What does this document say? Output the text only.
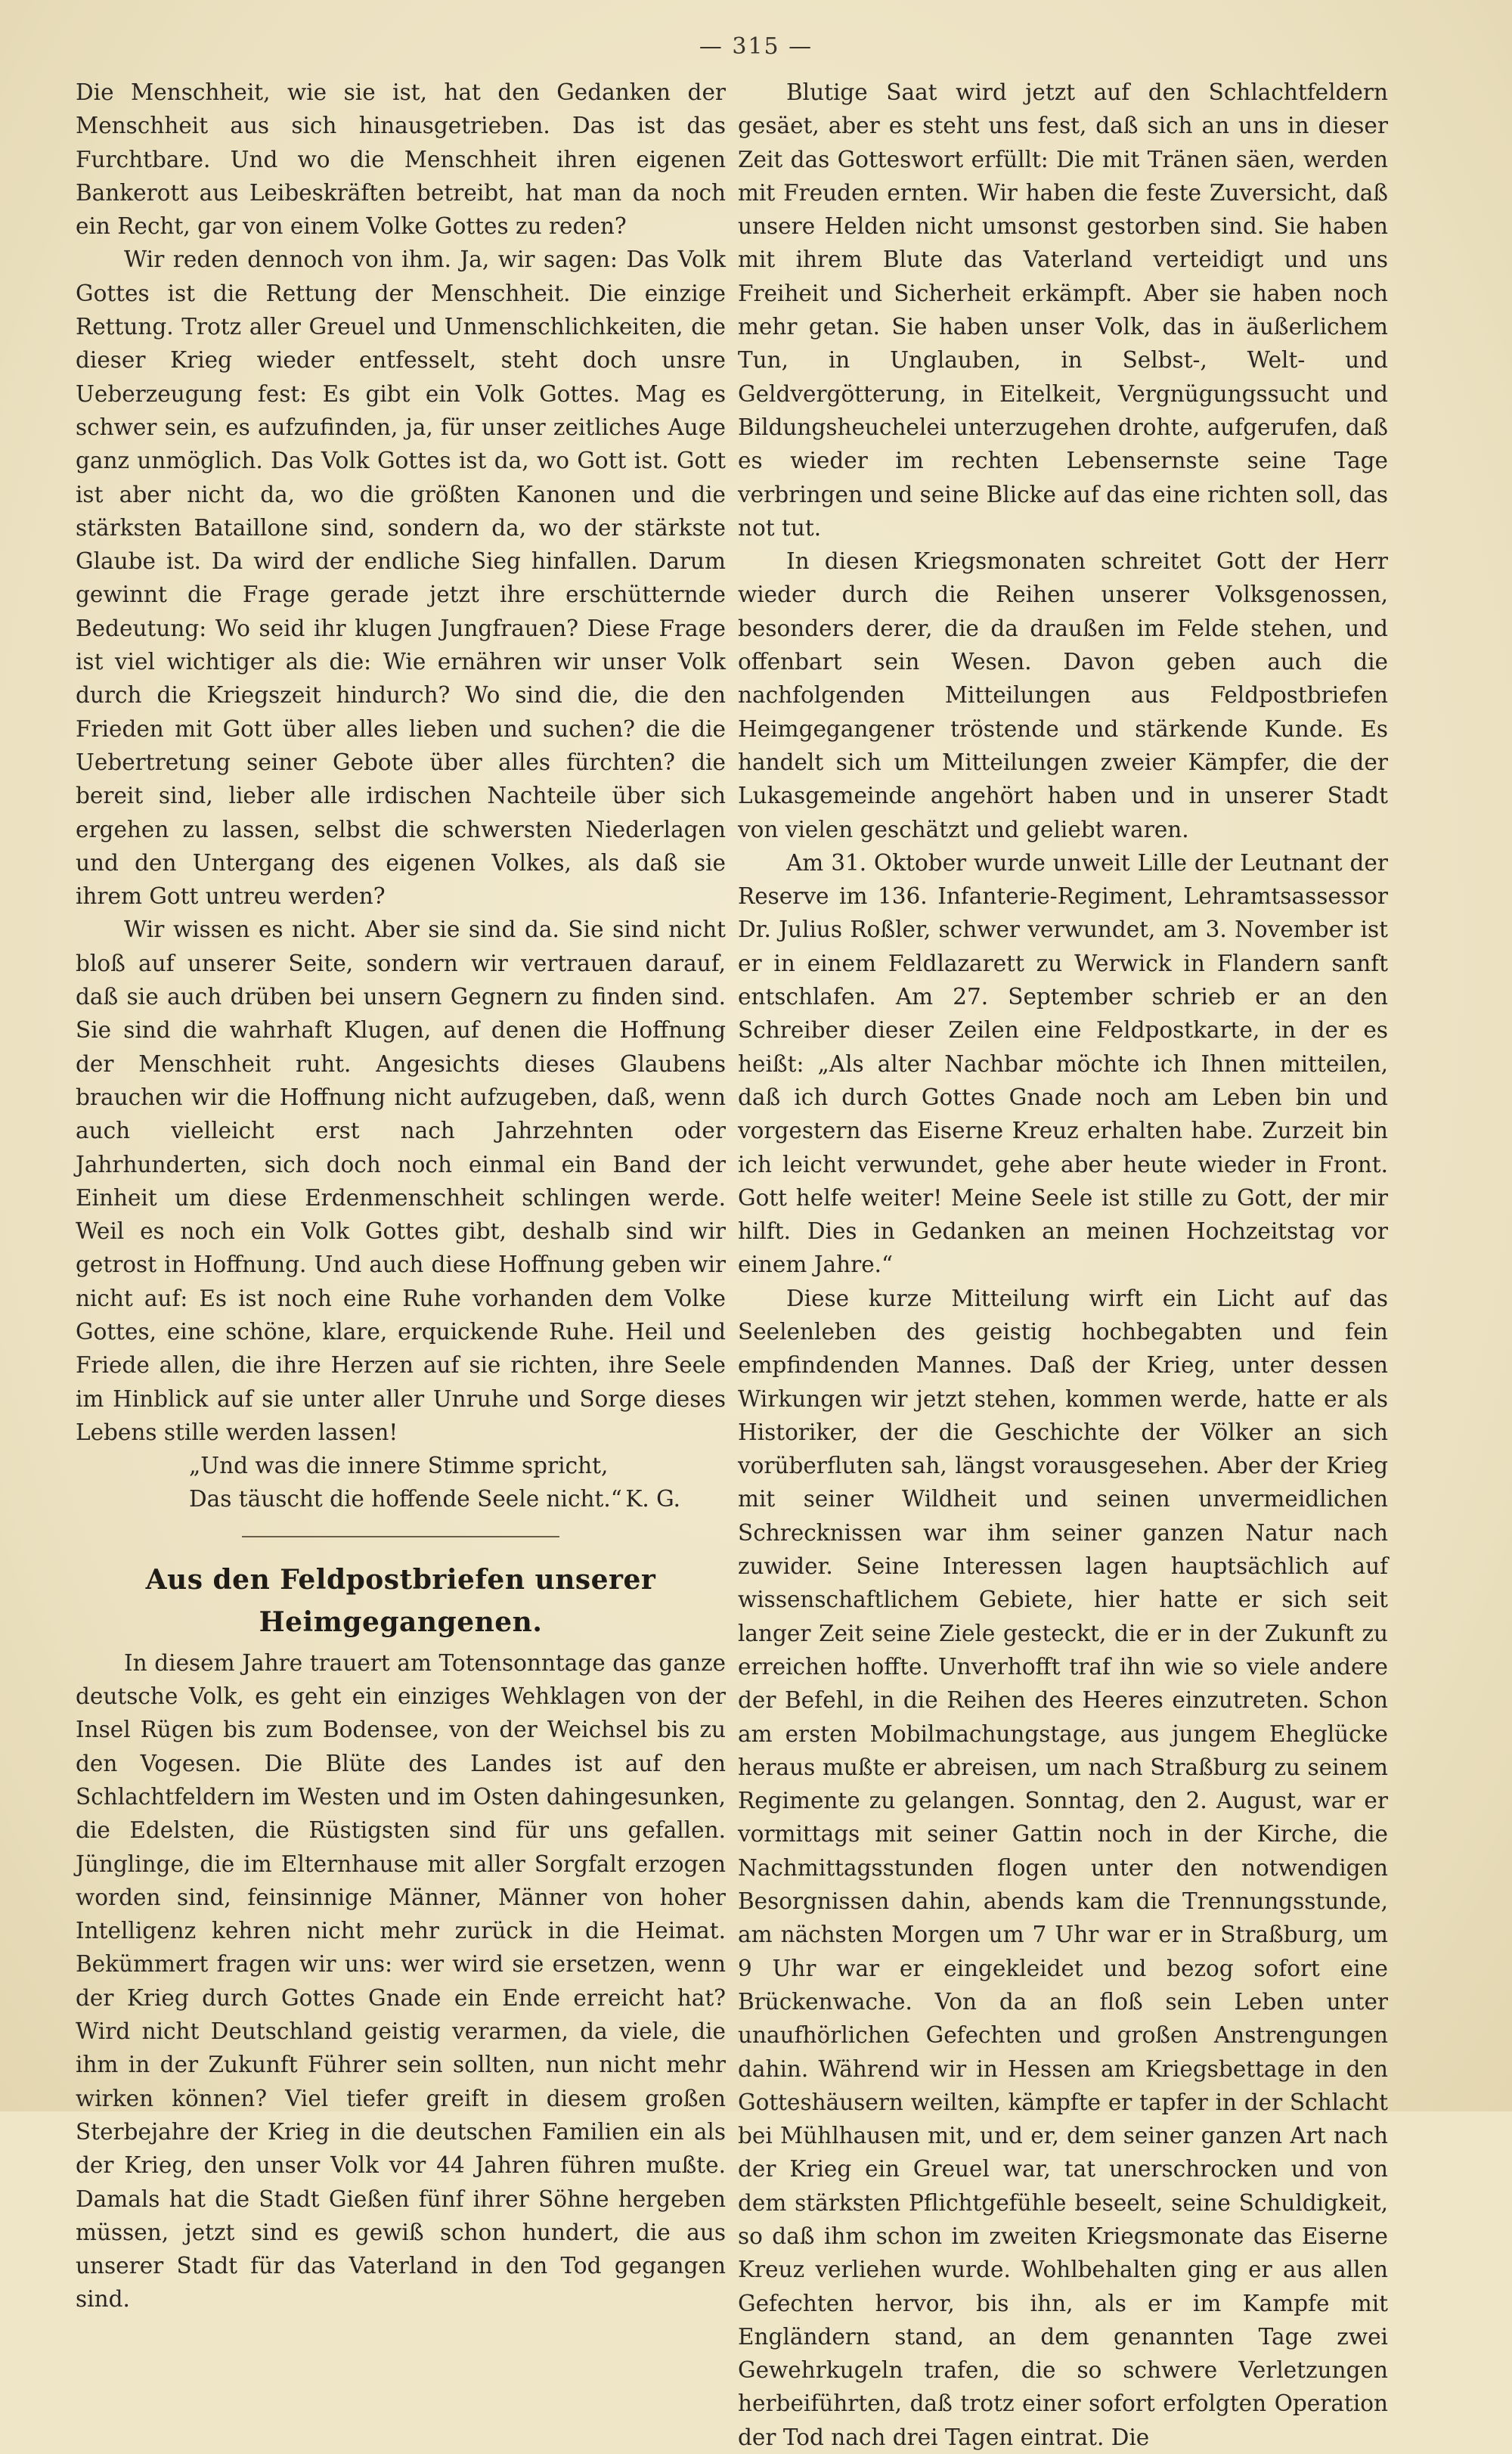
— 315 —

Die Menschheit, wie sie ist, hat den Gedanken der Menschheit aus sich hinausgetrieben. Das ist das Furchtbare. Und wo die Menschheit ihren eigenen Bankerott aus Leibeskräften betreibt, hat man da noch ein Recht, gar von einem Volke Gottes zu reden?

Wir reden dennoch von ihm. Ja, wir sagen: Das Volk Gottes ist die Rettung der Menschheit. Die einzige Rettung. Trotz aller Greuel und Unmenschlichkeiten, die dieser Krieg wieder entfesselt, steht doch unsre Ueberzeugung fest: Es gibt ein Volk Gottes. Mag es schwer sein, es aufzufinden, ja, für unser zeitliches Auge ganz unmöglich. Das Volk Gottes ist da, wo Gott ist. Gott ist aber nicht da, wo die größten Kanonen und die stärksten Bataillone sind, sondern da, wo der stärkste Glaube ist. Da wird der endliche Sieg hinfallen. Darum gewinnt die Frage gerade jetzt ihre erschütternde Bedeutung: Wo seid ihr klugen Jungfrauen? Diese Frage ist viel wichtiger als die: Wie ernähren wir unser Volk durch die Kriegszeit hindurch? Wo sind die, die den Frieden mit Gott über alles lieben und suchen? die die Uebertretung seiner Gebote über alles fürchten? die bereit sind, lieber alle irdischen Nachteile über sich ergehen zu lassen, selbst die schwersten Niederlagen und den Untergang des eigenen Volkes, als daß sie ihrem Gott untreu werden?

Wir wissen es nicht. Aber sie sind da. Sie sind nicht bloß auf unserer Seite, sondern wir vertrauen darauf, daß sie auch drüben bei unsern Gegnern zu finden sind. Sie sind die wahrhaft Klugen, auf denen die Hoffnung der Menschheit ruht. Angesichts dieses Glaubens brauchen wir die Hoffnung nicht aufzugeben, daß, wenn auch vielleicht erst nach Jahrzehnten oder Jahrhunderten, sich doch noch einmal ein Band der Einheit um diese Erdenmenschheit schlingen werde. Weil es noch ein Volk Gottes gibt, deshalb sind wir getrost in Hoffnung. Und auch diese Hoffnung geben wir nicht auf: Es ist noch eine Ruhe vorhanden dem Volke Gottes, eine schöne, klare, erquickende Ruhe. Heil und Friede allen, die ihre Herzen auf sie richten, ihre Seele im Hinblick auf sie unter aller Unruhe und Sorge dieses Lebens stille werden lassen!

„Und was die innere Stimme spricht,
Das täuscht die hoffende Seele nicht.“ K. G.
Aus den Feldpostbriefen unserer Heimgegangenen.

In diesem Jahre trauert am Totensonntage das ganze deutsche Volk, es geht ein einziges Wehklagen von der Insel Rügen bis zum Bodensee, von der Weichsel bis zu den Vogesen. Die Blüte des Landes ist auf den Schlachtfeldern im Westen und im Osten dahingesunken, die Edelsten, die Rüstigsten sind für uns gefallen. Jünglinge, die im Elternhause mit aller Sorgfalt erzogen worden sind, feinsinnige Männer, Männer von hoher Intelligenz kehren nicht mehr zurück in die Heimat. Bekümmert fragen wir uns: wer wird sie ersetzen, wenn der Krieg durch Gottes Gnade ein Ende erreicht hat? Wird nicht Deutschland geistig verarmen, da viele, die ihm in der Zukunft Führer sein sollten, nun nicht mehr wirken können? Viel tiefer greift in diesem großen Sterbejahre der Krieg in die deutschen Familien ein als der Krieg, den unser Volk vor 44 Jahren führen mußte. Damals hat die Stadt Gießen fünf ihrer Söhne hergeben müssen, jetzt sind es gewiß schon hundert, die aus unserer Stadt für das Vaterland in den Tod gegangen sind.

Blutige Saat wird jetzt auf den Schlachtfeldern gesäet, aber es steht uns fest, daß sich an uns in dieser Zeit das Gotteswort erfüllt: Die mit Tränen säen, werden mit Freuden ernten. Wir haben die feste Zuversicht, daß unsere Helden nicht umsonst gestorben sind. Sie haben mit ihrem Blute das Vaterland verteidigt und uns Freiheit und Sicherheit erkämpft. Aber sie haben noch mehr getan. Sie haben unser Volk, das in äußerlichem Tun, in Unglauben, in Selbst-, Welt- und Geldvergötterung, in Eitelkeit, Vergnügungssucht und Bildungsheuchelei unterzugehen drohte, aufgerufen, daß es wieder im rechten Lebensernste seine Tage verbringen und seine Blicke auf das eine richten soll, das not tut.

In diesen Kriegsmonaten schreitet Gott der Herr wieder durch die Reihen unserer Volksgenossen, besonders derer, die da draußen im Felde stehen, und offenbart sein Wesen. Davon geben auch die nachfolgenden Mitteilungen aus Feldpostbriefen Heimgegangener tröstende und stärkende Kunde. Es handelt sich um Mitteilungen zweier Kämpfer, die der Lukasgemeinde angehört haben und in unserer Stadt von vielen geschätzt und geliebt waren.

Am 31. Oktober wurde unweit Lille der Leutnant der Reserve im 136. Infanterie-Regiment, Lehramtsassessor Dr. Julius Roßler, schwer verwundet, am 3. November ist er in einem Feldlazarett zu Werwick in Flandern sanft entschlafen. Am 27. September schrieb er an den Schreiber dieser Zeilen eine Feldpostkarte, in der es heißt: „Als alter Nachbar möchte ich Ihnen mitteilen, daß ich durch Gottes Gnade noch am Leben bin und vorgestern das Eiserne Kreuz erhalten habe. Zurzeit bin ich leicht verwundet, gehe aber heute wieder in Front. Gott helfe weiter! Meine Seele ist stille zu Gott, der mir hilft. Dies in Gedanken an meinen Hochzeitstag vor einem Jahre.“

Diese kurze Mitteilung wirft ein Licht auf das Seelenleben des geistig hochbegabten und fein empfindenden Mannes. Daß der Krieg, unter dessen Wirkungen wir jetzt stehen, kommen werde, hatte er als Historiker, der die Geschichte der Völker an sich vorüberfluten sah, längst vorausgesehen. Aber der Krieg mit seiner Wildheit und seinen unvermeidlichen Schrecknissen war ihm seiner ganzen Natur nach zuwider. Seine Interessen lagen hauptsächlich auf wissenschaftlichem Gebiete, hier hatte er sich seit langer Zeit seine Ziele gesteckt, die er in der Zukunft zu erreichen hoffte. Unverhofft traf ihn wie so viele andere der Befehl, in die Reihen des Heeres einzutreten. Schon am ersten Mobilmachungstage, aus jungem Eheglücke heraus mußte er abreisen, um nach Straßburg zu seinem Regimente zu gelangen. Sonntag, den 2. August, war er vormittags mit seiner Gattin noch in der Kirche, die Nachmittagsstunden flogen unter den notwendigen Besorgnissen dahin, abends kam die Trennungsstunde, am nächsten Morgen um 7 Uhr war er in Straßburg, um 9 Uhr war er eingekleidet und bezog sofort eine Brückenwache. Von da an floß sein Leben unter unaufhörlichen Gefechten und großen Anstrengungen dahin. Während wir in Hessen am Kriegsbettage in den Gotteshäusern weilten, kämpfte er tapfer in der Schlacht bei Mühlhausen mit, und er, dem seiner ganzen Art nach der Krieg ein Greuel war, tat unerschrocken und von dem stärksten Pflichtgefühle beseelt, seine Schuldigkeit, so daß ihm schon im zweiten Kriegsmonate das Eiserne Kreuz verliehen wurde. Wohlbehalten ging er aus allen Gefechten hervor, bis ihn, als er im Kampfe mit Engländern stand, an dem genannten Tage zwei Gewehrkugeln trafen, die so schwere Verletzungen herbeiführten, daß trotz einer sofort erfolgten Operation der Tod nach drei Tagen eintrat. Die
